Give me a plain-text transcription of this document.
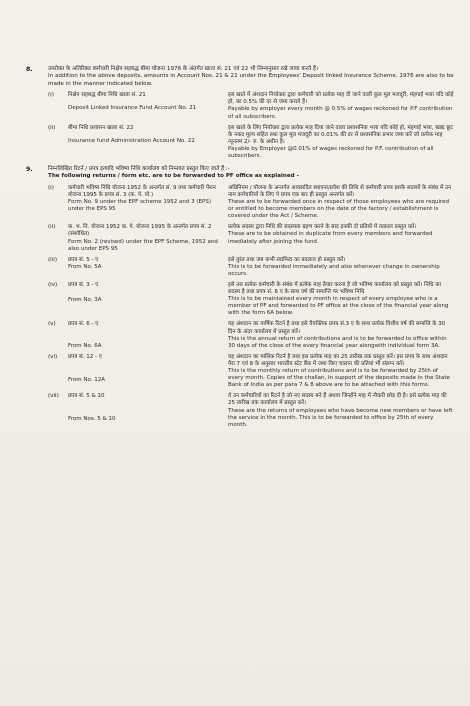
8.	उपरोक्त के अतिरिक्त कर्मचारी निक्षेप सहबद्ध बीमा योजना 1976 के अंतर्गत खाता सं. 21 एवं 22 भी निम्नानुसार रखे जाया करते हैं।
In addition to the above deposits, amounts in Account Nos. 21 & 22 under the Employees' Deposit linked Insurance Scheme, 1976 are also to be made in the manner indicated below.
(i)	निक्षेप सहबद्ध बीमा निधि खाता सं. 21
Deposit Linked Insurance Fund Account No. 21
इस खाते में अंशदान नियोक्ता द्वारा कर्मचारी को प्रत्येक माह दी जाने वाली कुल मूल मजदूरी, मंहगाई भत्ता यदि कोई हो, का 0.5% की दर से जमा कराते हैं।
Payable by employer every month @ 0.5% of wages reckoned for P.F contribution of all subscribers.
(ii)	बीमा निधि प्रशासन खाता सं. 22
Insurance fund Administration Account No. 22
इस खाते के लिए नियोक्ता द्वारा प्रत्येक माह दिया जाने वाला प्रशासनिक भत्ता यदि कोई हो, मंहगाई भत्ता, खाद्य छूट के नकद मूल्य सहित तथा कुल मूल मजदूरी का 0.01% की दर से प्रशासनिक प्रभार जमा करें जो प्रत्येक माह न्यूनतम 2/- रु. के अधीन है।
Payable by Employer @0.01% of wages reckoned for P.F. contribution of all subscribers.
9.	निम्नलिखित रिटर्न / प्रपत्र इत्यादि भविष्य निधि कार्यालय को निम्नवत प्रस्तुत किए जाते हैं :-
The following returns / form etc. are to be forwarded to PF office as explained -
(i)	कर्मचारी भविष्य निधि योजना 1952 के अन्तर्गत सं. 9 तथा कर्मचारी पेंशन योजना 1995 के प्रपत्र सं. 3 (क. पे. यो.)
Form No. 9 under the EPF scheme 1952 and 3 (EPS) under the EPS 95
अधिनियम / योजना के अन्तर्गत आच्छादित स्थापना/प्रवेश की तिथि से कर्मचारी प्रपत्र इसके सदस्यों के संबंध में उन नाम कर्मचारियों के लिए ये प्रपत्र एक बार ही प्रस्तुत अन्तर्गत करें।
These are to be forwarded once in respect of those employees who are required or entitled to become members on the date of the factory / establishment is covered under the Act / Scheme.
(ii)	क. भ. नि. योजना 1952 क. पे. योजना 1995 के अन्तर्गत प्रपत्र सं. 2 (संशोधित)
Form No. 2 (revised) under the EPF Scheme, 1952 and also under EPS 95
प्रत्येक सदस्य द्वारा निधि की सदस्यता ग्रहण करने के बाद इनकी दो प्रतियों में तत्काल प्रस्तुत करें।
These are to be obtained in duplicate from every members and forwarded imediately after joining the fund.
(iii)	प्रपत्र सं. 5 - ए
From No. 5A
इसे तुरंत तथा जब कभी स्वामित्व का बदलाव हो प्रस्तुत करें।
This is to be forwarded immediately and also whenever change in ownership occurs.
(iv)	प्रपत्र सं. 3 - ए
From No. 3A
इसे उस प्रत्येक कर्मचारी के संबंध में प्रत्येक माह तैयार करना है जो भविष्य कार्यालय को प्रस्तुत करें। निधि का सदस्य है तथा प्रपत्र सं. 6 ए के साथ वर्ष की समाप्ति पर भविष्य निधि
This is to be maintained every month in respect of every employee who is a member of PF and forwarded to PF office at the close of the financial year along with the form 6A below.
(v)	प्रपत्र सं. 6 - ए
From No. 6A
यह अंशदान का वार्षिक रिटर्न है तथा इसे वैयक्तिक प्रपत्र सं.3 ए के साथ प्रत्येक वित्तीय वर्ष की समाप्ति के 30 दिन के अंदर कार्यालय में प्रस्तुत करें।
This is the annual return of contributions and is to be forwarded to office within 30 days of the close of the every financial year alongwith individual form 3A.
(vi)	प्रपत्र सं. 12 - ए
From No. 12A
यह अंशदान का मासिक रिटर्न है तथा इस प्रत्येक माह का 25 तारीख तक प्रस्तुत करें। इस प्रपत्र के साथ अंशदान पैरा 7 एवं 8 के अनुसार भारतीय स्टेट बैंक में जमा किए चालान की प्रतियां भी संलग्न करें।
This is the monthly return of contributions and is to be forwarded by 25th of every month. Copies of the challan, In support of the deposits made in the State Bank of India as per para 7 & 8 above are to be attached with this forms.
(vii)	प्रपत्र सं. 5 & 10
From Nos. 5 & 10
ये उन कर्मचारियों का रिटर्न है जो नए सदस्य बने हैं अथवा जिन्होंने माह में नौकरी छोड़ दी है। इसे प्रत्येक माह की 25 तारीख तक कार्यालय में प्रस्तुत करें।
These are the returns of employees who have become new members or have left the service in the month. This is to be forwarded to office by 25th of every month.
